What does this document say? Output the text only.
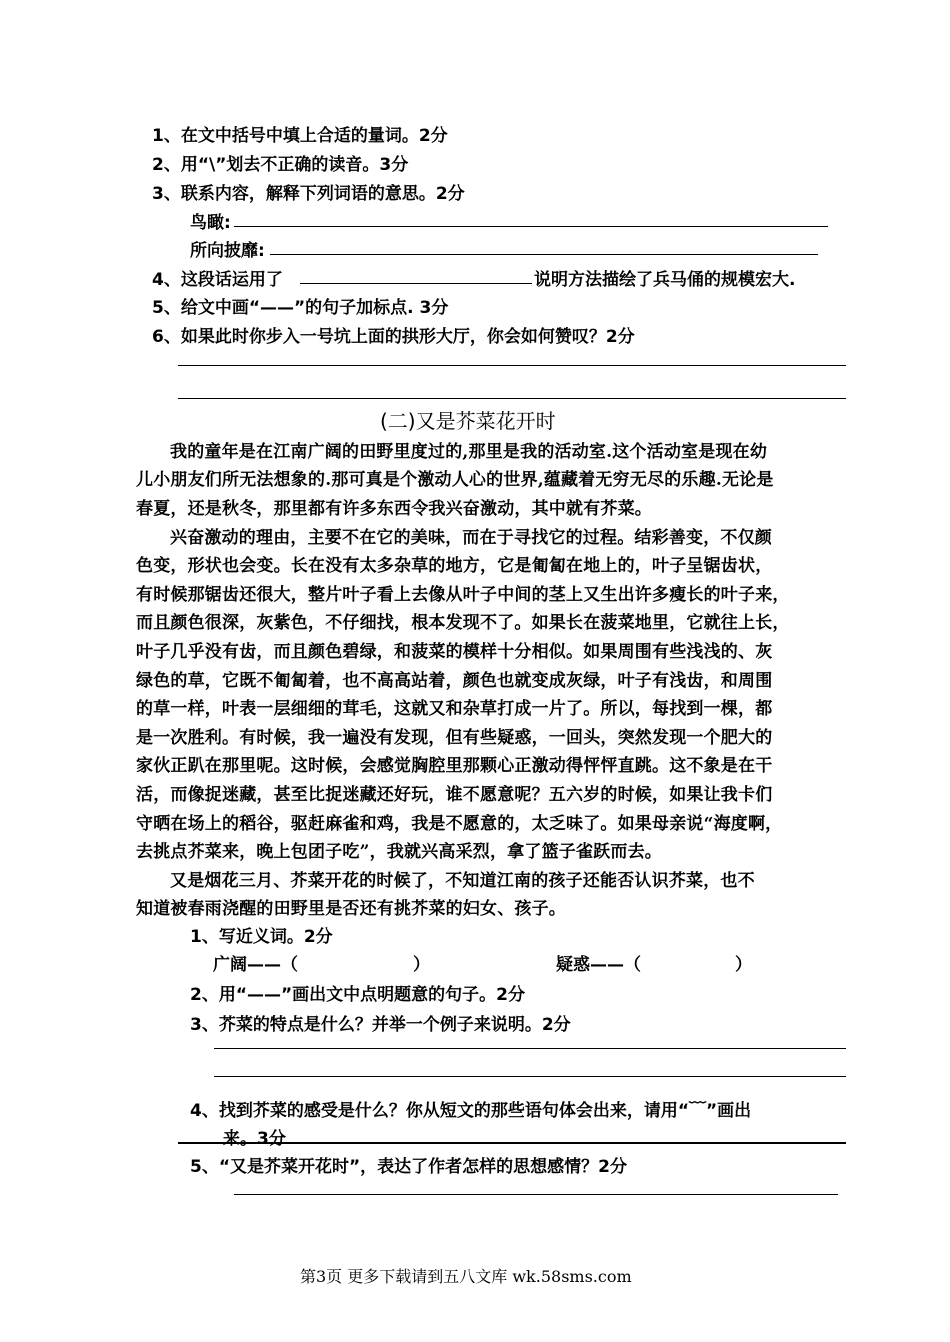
1、在文中括号中填上合适的量词。2分
2、用“\”划去不正确的读音。3分
3、联系内容，解释下列词语的意思。2分
鸟瞰:
所向披靡:
4、这段话运用了	说明方法描绘了兵马俑的规模宏大.
5、给文中画“——”的句子加标点. 3分
6、如果此时你步入一号坑上面的拱形大厅，你会如何赞叹？2分
(二)又是芥菜花开时
我的童年是在江南广阔的田野里度过的,那里是我的活动室.这个活动室是现在幼
儿小朋友们所无法想象的.那可真是个激动人心的世界,蕴藏着无穷无尽的乐趣.无论是
春夏，还是秋冬，那里都有许多东西令我兴奋激动，其中就有芥菜。
兴奋激动的理由，主要不在它的美味，而在于寻找它的过程。结彩善变，不仅颜
色变，形状也会变。长在没有太多杂草的地方，它是匍匐在地上的，叶子呈锯齿状，
有时候那锯齿还很大，整片叶子看上去像从叶子中间的茎上又生出许多瘦长的叶子来，
而且颜色很深，灰紫色，不仔细找，根本发现不了。如果长在菠菜地里，它就往上长，
叶子几乎没有齿，而且颜色碧绿，和菠菜的模样十分相似。如果周围有些浅浅的、灰
绿色的草，它既不匍匐着，也不高高站着，颜色也就变成灰绿，叶子有浅齿，和周围
的草一样，叶表一层细细的茸毛，这就又和杂草打成一片了。所以，每找到一棵，都
是一次胜利。有时候，我一遍没有发现，但有些疑惑，一回头，突然发现一个肥大的
家伙正趴在那里呢。这时候，会感觉胸腔里那颗心正激动得怦怦直跳。这不象是在干
活，而像捉迷藏，甚至比捉迷藏还好玩，谁不愿意呢？五六岁的时候，如果让我卡们
守晒在场上的稻谷，驱赶麻雀和鸡，我是不愿意的，太乏味了。如果母亲说“海度啊，
去挑点芥菜来，晚上包团子吃”，我就兴高采烈，拿了篮子雀跃而去。
又是烟花三月、芥菜开花的时候了，不知道江南的孩子还能否认识芥菜，也不
知道被春雨浇醒的田野里是否还有挑芥菜的妇女、孩子。
1、写近义词。2分
广阔——（	）	疑惑——（	）
2、用“——”画出文中点明题意的句子。2分
3、芥菜的特点是什么？并举一个例子来说明。2分
4、找到芥菜的感受是什么？你从短文的那些语句体会出来，请用“﹋”画出
来。3分
5、“又是芥菜开花时”，表达了作者怎样的思想感情？2分
第3页 更多下载请到五八文库 wk.58sms.com
